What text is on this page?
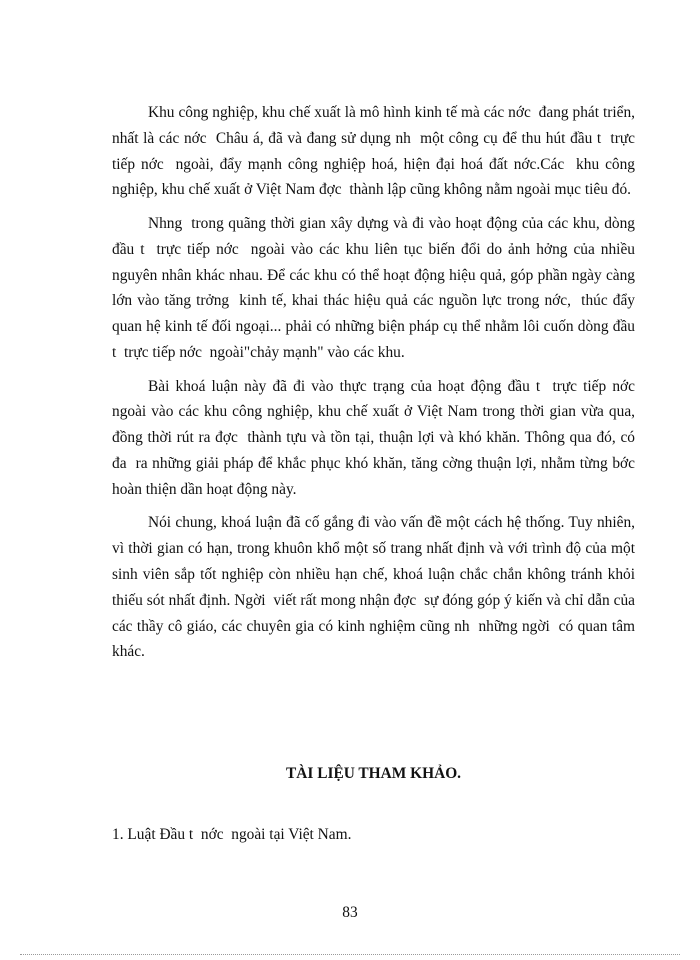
Khu công nghiệp, khu chế xuất là mô hình kinh tế mà các nớc  đang phát triển, nhất là các nớc  Châu á, đã và đang sử dụng nh  một công cụ để thu hút đầu t  trực tiếp nớc  ngoài, đẩy mạnh công nghiệp hoá, hiện đại hoá đất nớc.Các  khu công nghiệp, khu chế xuất ở Việt Nam đợc  thành lập cũng không nằm ngoài mục tiêu đó.

Nhng  trong quãng thời gian xây dựng và đi vào hoạt động của các khu, dòng đầu t  trực tiếp nớc  ngoài vào các khu liên tục biến đổi do ảnh hởng của nhiều nguyên nhân khác nhau. Để các khu có thể hoạt động hiệu quả, góp phần ngày càng lớn vào tăng trởng  kinh tế, khai thác hiệu quả các nguồn lực trong nớc,  thúc đẩy quan hệ kinh tế đối ngoại... phải có những biện pháp cụ thể nhằm lôi cuốn dòng đầu t  trực tiếp nớc  ngoài"chảy mạnh" vào các khu.

Bài khoá luận này đã đi vào thực trạng của hoạt động đầu t  trực tiếp nớc  ngoài vào các khu công nghiệp, khu chế xuất ở Việt Nam trong thời gian vừa qua, đồng thời rút ra đợc  thành tựu và tồn tại, thuận lợi và khó khăn. Thông qua đó, có đa  ra những giải pháp để khắc phục khó khăn, tăng cờng thuận lợi, nhằm từng bớc  hoàn thiện dần hoạt động này.

Nói chung, khoá luận đã cố gắng đi vào vấn đề một cách hệ thống. Tuy nhiên, vì thời gian có hạn, trong khuôn khổ một số trang nhất định và với trình độ của một sinh viên sắp tốt nghiệp còn nhiều hạn chế, khoá luận chắc chắn không tránh khỏi thiếu sót nhất định. Ngời  viết rất mong nhận đợc  sự đóng góp ý kiến và chỉ dẫn của các thầy cô giáo, các chuyên gia có kinh nghiệm cũng nh  những ngời  có quan tâm khác.

TÀI LIỆU THAM KHẢO.

1. Luật Đầu t  nớc  ngoài tại Việt Nam.

83
